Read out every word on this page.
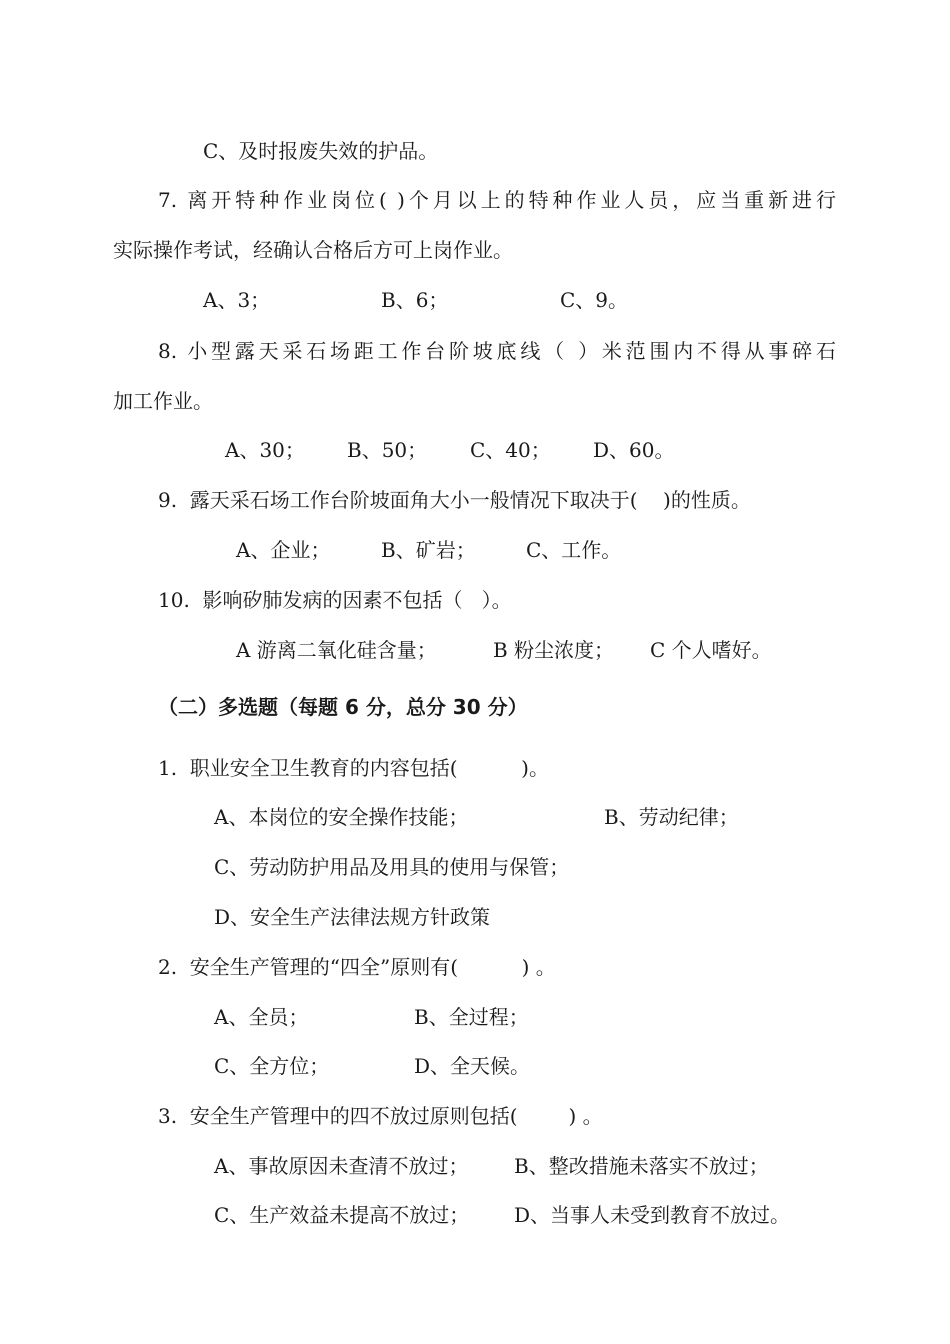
C、及时报废失效的护品。
7. 离开特种作业岗位( )个月以上的特种作业人员，应当重新进行
实际操作考试，经确认合格后方可上岗作业。
A、3；	B、6；	C、9。
8. 小型露天采石场距工作台阶坡底线（ ）米范围内不得从事碎石
加工作业。
A、30； B、50； C、40； D、60。
9.  露天采石场工作台阶坡面角大小一般情况下取决于(    )的性质。
A、企业；	B、矿岩；	C、工作。
10.  影响矽肺发病的因素不包括（   ）。
A 游离二氧化硅含量；	B 粉尘浓度； C 个人嗜好。
（二）多选题（每题 6 分，总分 30 分）
1.  职业安全卫生教育的内容包括(          )。
A、本岗位的安全操作技能；	B、劳动纪律；
C、劳动防护用品及用具的使用与保管；
D、安全生产法律法规方针政策
2.  安全生产管理的“四全”原则有(          ) 。
A、全员；	B、全过程；
C、全方位；	D、全天候。
3.  安全生产管理中的四不放过原则包括(        ) 。
A、事故原因未查清不放过； B、整改措施未落实不放过；
C、生产效益未提高不放过； D、当事人未受到教育不放过。
